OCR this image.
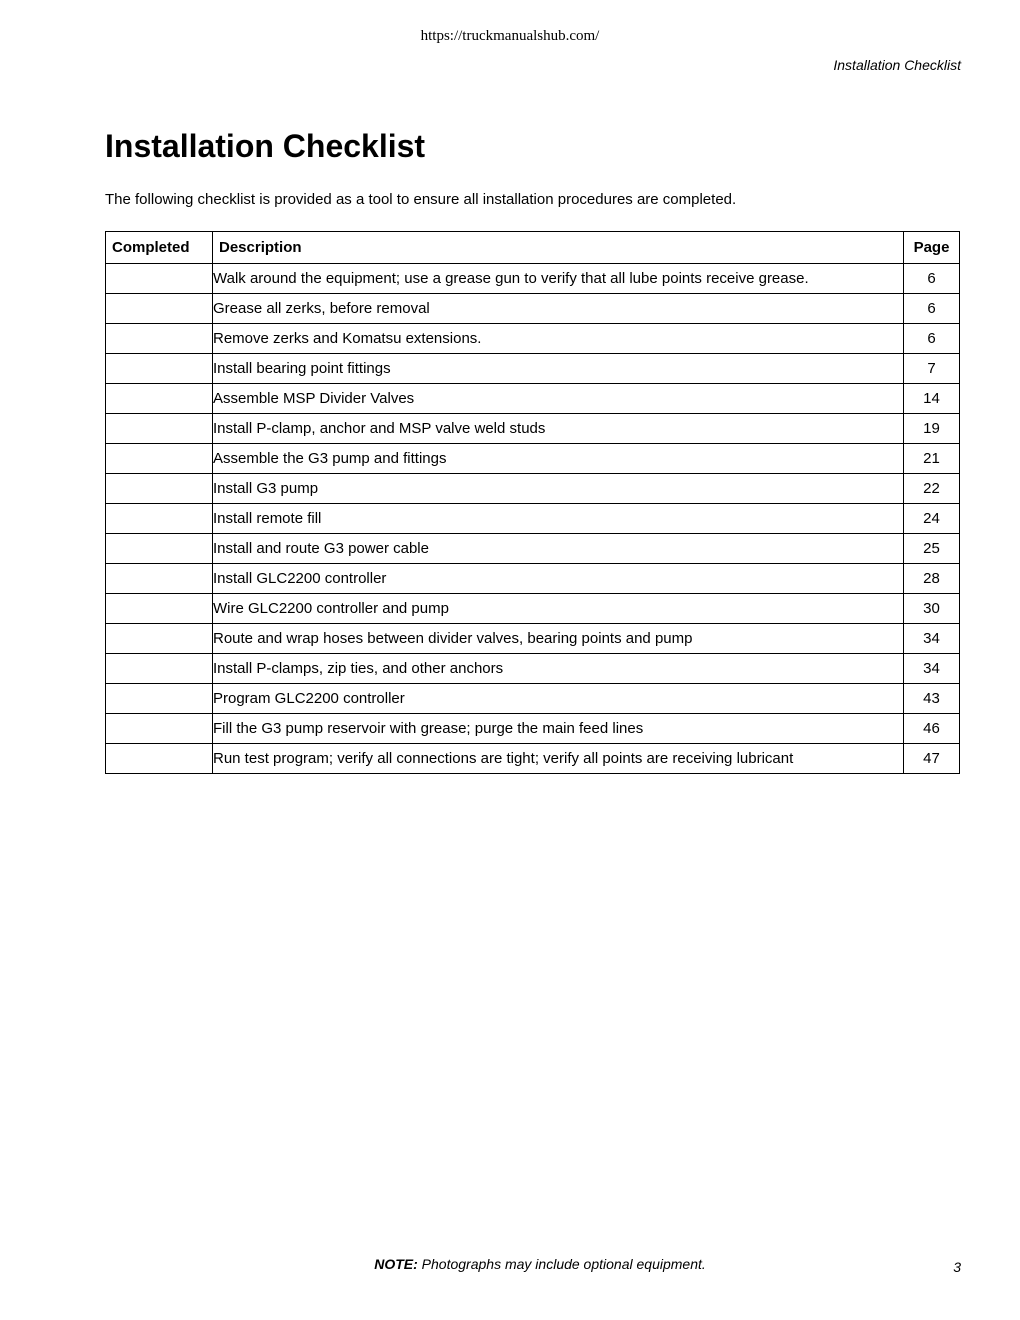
https://truckmanualshub.com/
Installation Checklist
Installation Checklist

The following checklist is provided as a tool to ensure all installation procedures are completed.

Completed	Description	Page
	Walk around the equipment; use a grease gun to verify that all lube points receive grease.	6
	Grease all zerks, before removal	6
	Remove zerks and Komatsu extensions.	6
	Install bearing point fittings	7
	Assemble MSP Divider Valves	14
	Install P-clamp, anchor and MSP valve weld studs	19
	Assemble the G3 pump and fittings	21
	Install G3 pump	22
	Install remote fill	24
	Install and route G3 power cable	25
	Install GLC2200 controller	28
	Wire GLC2200 controller and pump	30
	Route and wrap hoses between divider valves, bearing points and pump	34
	Install P-clamps, zip ties, and other anchors	34
	Program GLC2200 controller	43
	Fill the G3 pump reservoir with grease; purge the main feed lines	46
	Run test program; verify all connections are tight; verify all points are receiving lubricant	47
NOTE: Photographs may include optional equipment.	3
